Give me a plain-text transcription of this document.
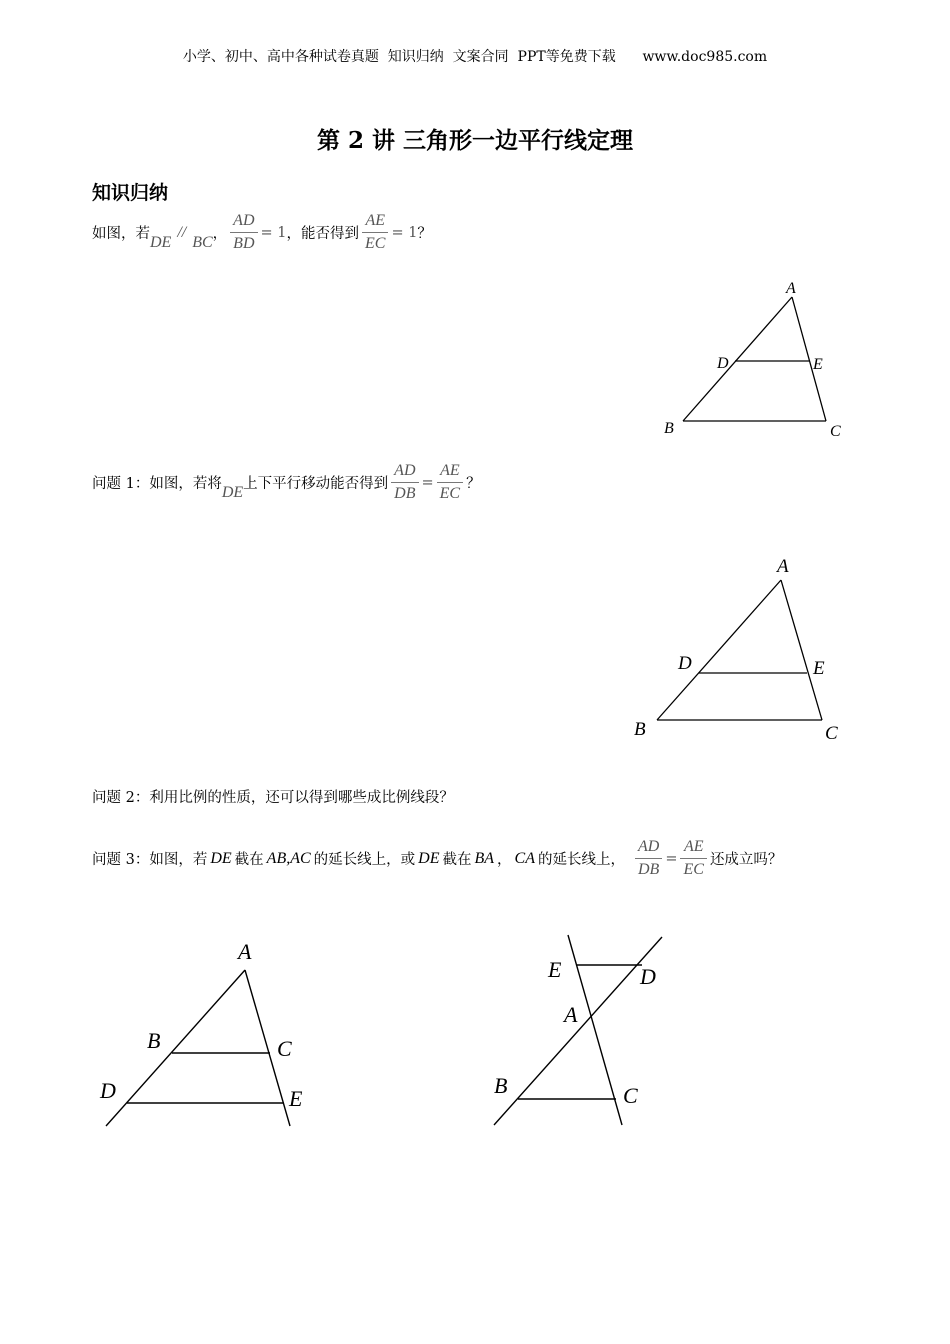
小学、初中、高中各种试卷真题  知识归纳  文案合同  PPT等免费下载      www.doc985.com
第 2 讲 三角形一边平行线定理
知识归纳
如图，若 DE
//
BC ， $\frac{AD}{BD} = 1$ ，能否得到 $\frac{AE}{EC} = 1$ ？
A
D	E
B	C
问题 1：如图，若将 DE 上下平行移动能否得到 $\frac{AD}{DB} = \frac{AE}{EC}$ ？
A
D	E
B	C
问题 2：利用比例的性质，还可以得到哪些成比例线段？
问题 3：如图，若 DE 截在 AB,AC 的延长线上，或 DE 截在 BA ， CA 的延长线上， $\frac{AD}{DB} = \frac{AE}{EC}$ 还成立吗？
A
B	C
D	E
E	D
A
B	C
